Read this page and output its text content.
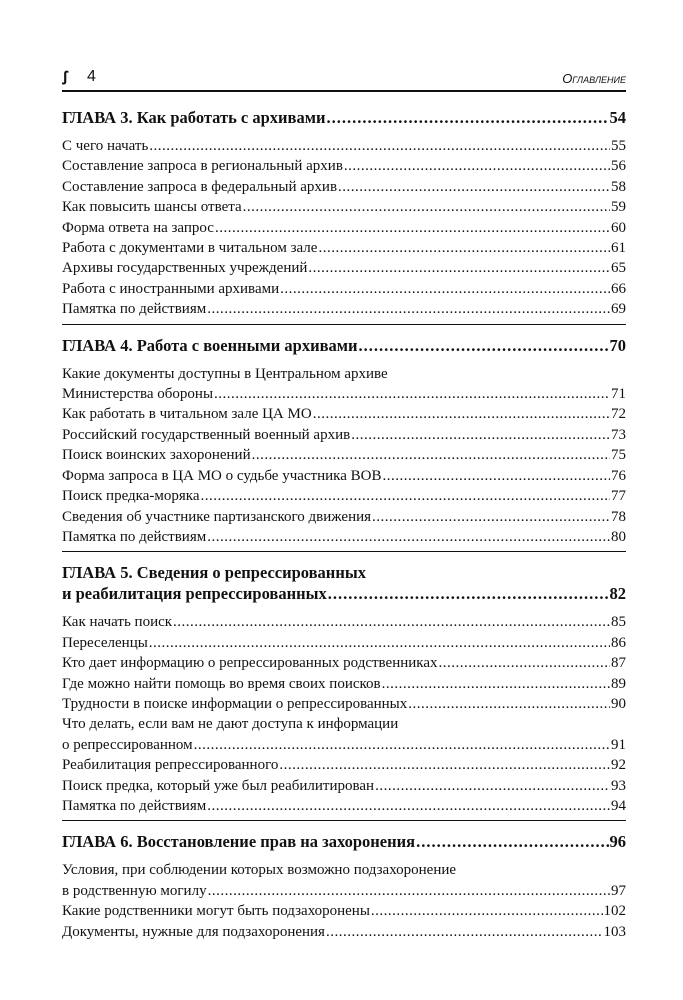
ꭍ 4	Оглавление
ГЛАВА 3. Как работать с архивами .....	54
С чего начать .....	55
Составление запроса в региональный архив .....	56
Составление запроса в федеральный архив .....	58
Как повысить шансы ответа .....	59
Форма ответа на запрос .....	60
Работа с документами в читальном зале .....	61
Архивы государственных учреждений .....	65
Работа с иностранными архивами .....	66
Памятка по действиям .....	69
ГЛАВА 4. Работа с военными архивами .....	70
Какие документы доступны в Центральном архиве
Министерства обороны .....	71
Как работать в читальном зале ЦА МО .....	72
Российский государственный военный архив .....	73
Поиск воинских захоронений .....	75
Форма запроса в ЦА МО о судьбе участника ВОВ .....	76
Поиск предка-моряка .....	77
Сведения об участнике партизанского движения .....	78
Памятка по действиям .....	80
ГЛАВА 5. Сведения о репрессированных
и реабилитация репрессированных .....	82
Как начать поиск .....	85
Переселенцы .....	86
Кто дает информацию о репрессированных родственниках .....	87
Где можно найти помощь во время своих поисков .....	89
Трудности в поиске информации о репрессированных .....	90
Что делать, если вам не дают доступа к информации
о репрессированном .....	91
Реабилитация репрессированного .....	92
Поиск предка, который уже был реабилитирован .....	93
Памятка по действиям .....	94
ГЛАВА 6. Восстановление прав на захоронения .....	96
Условия, при соблюдении которых возможно подзахоронение
в родственную могилу .....	97
Какие родственники могут быть подзахоронены .....	102
Документы, нужные для подзахоронения .....	103
